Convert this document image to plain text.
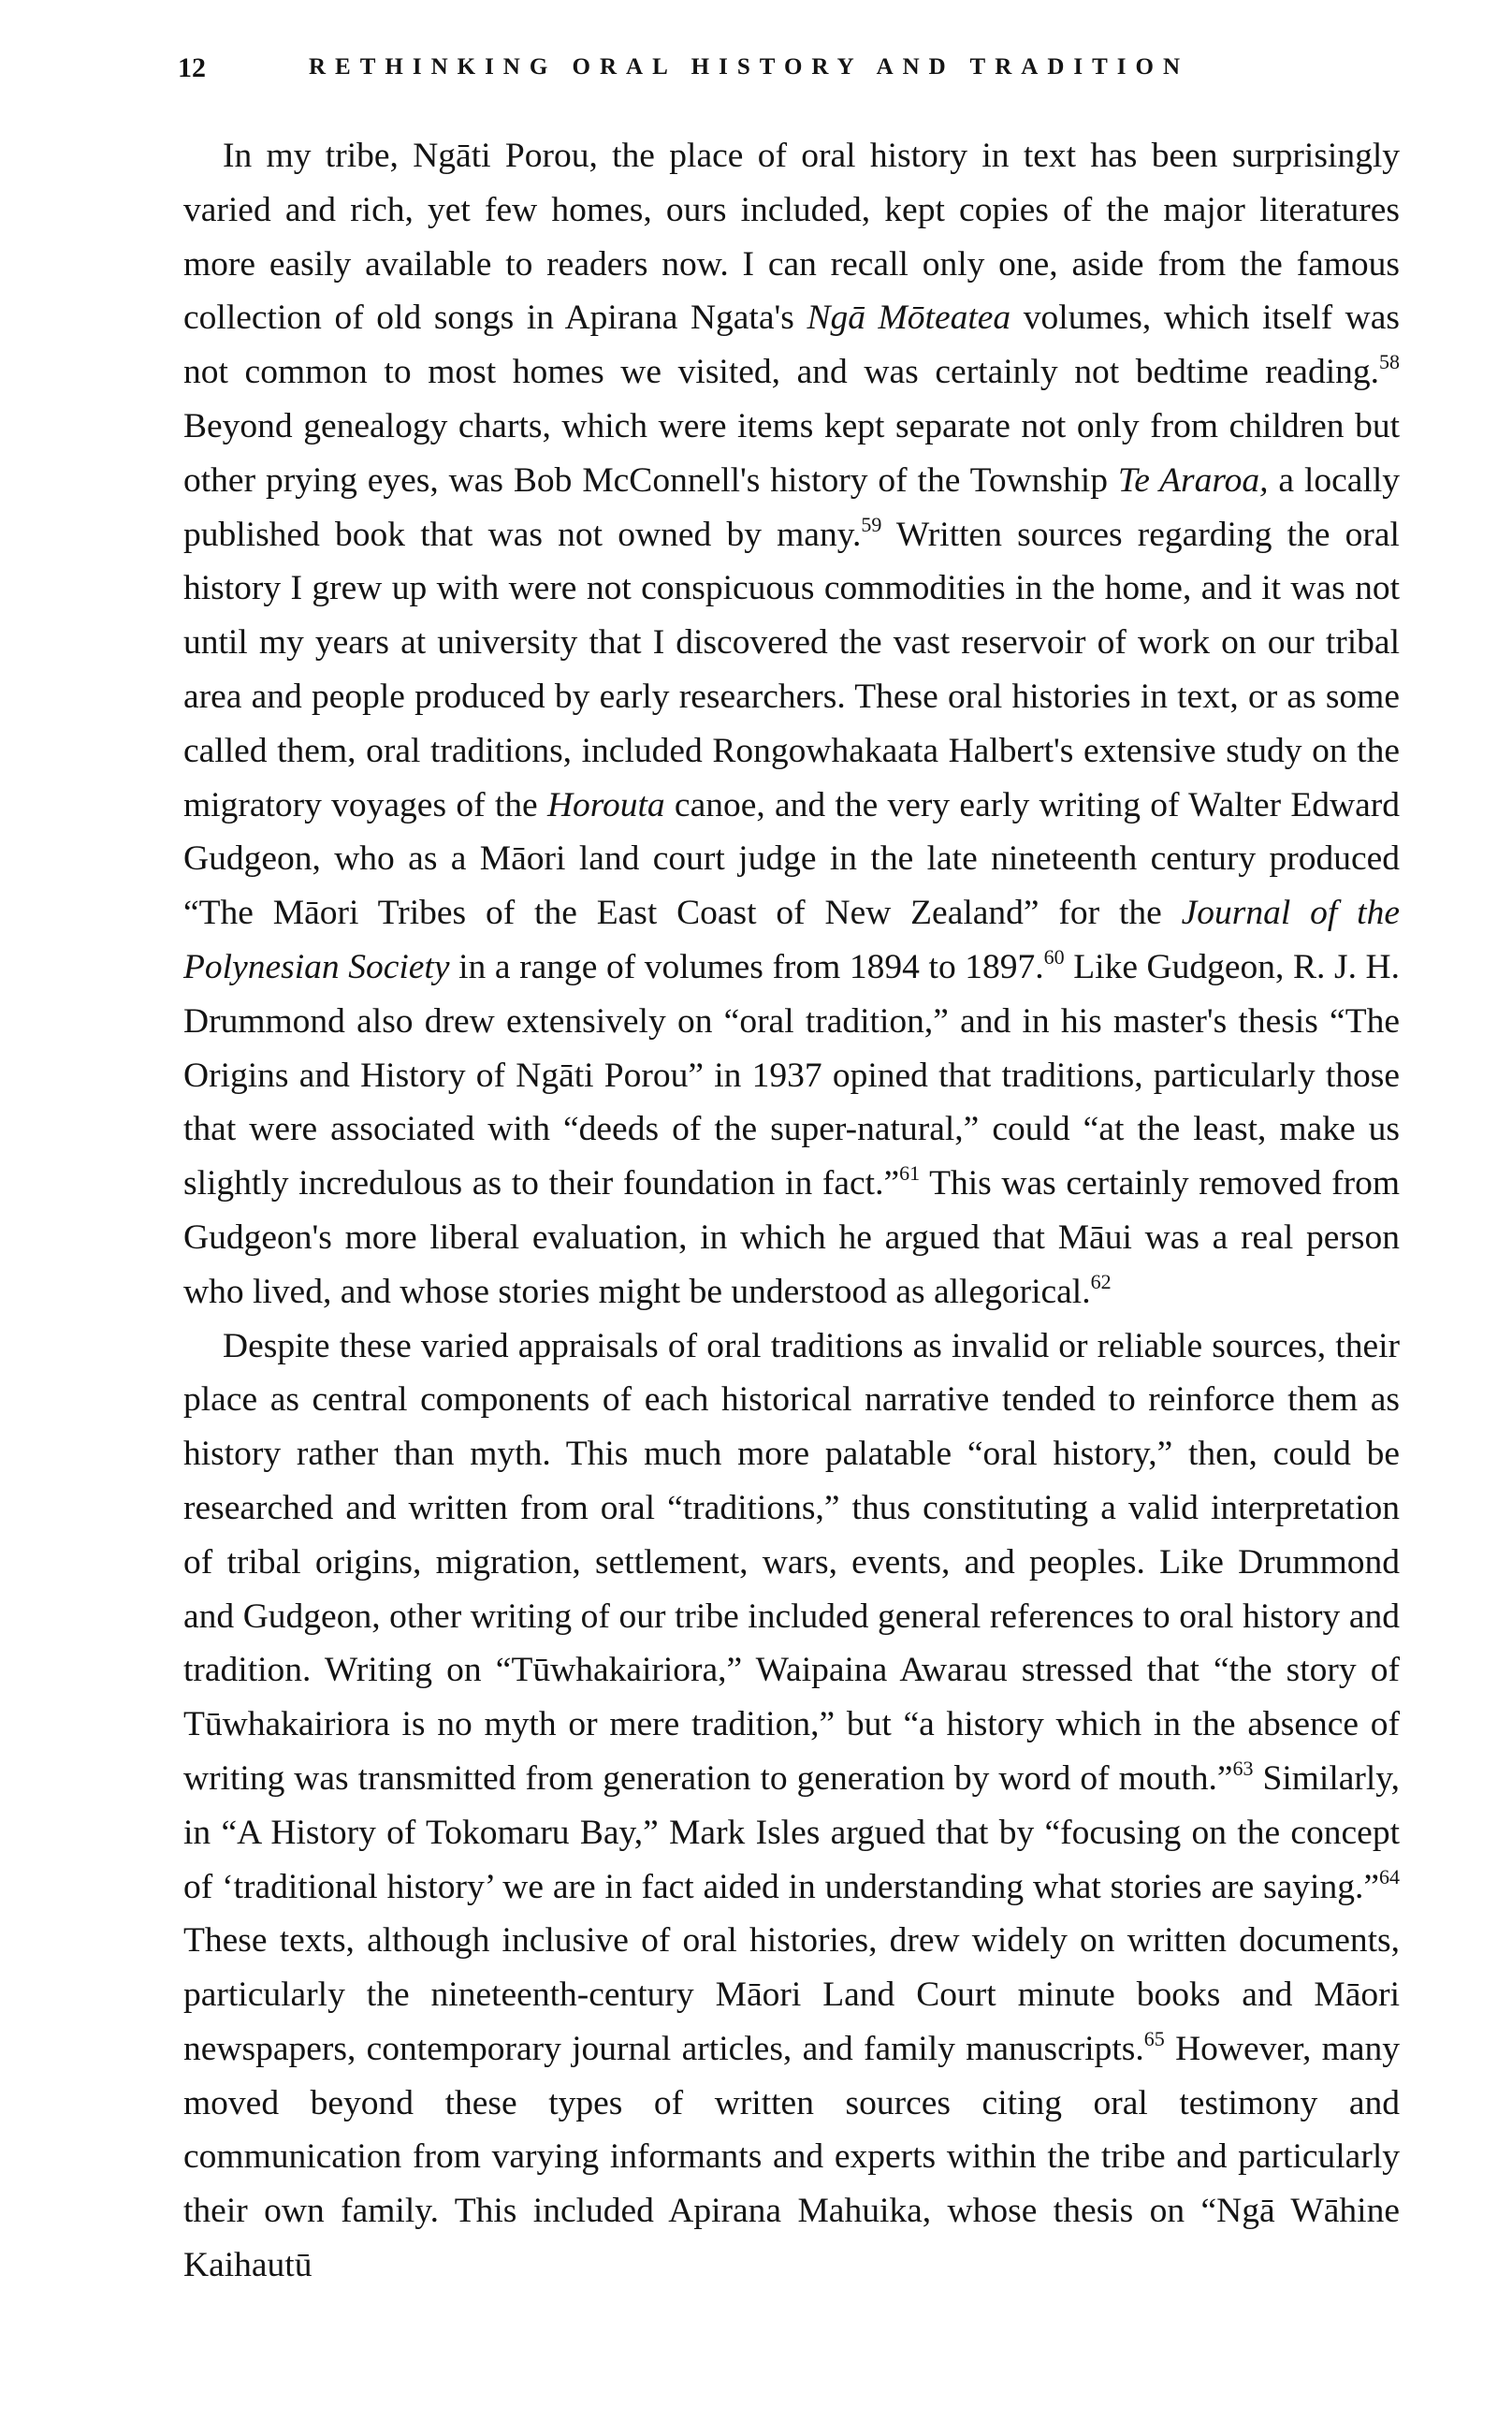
12	RETHINKING ORAL HISTORY AND TRADITION

In my tribe, Ngāti Porou, the place of oral history in text has been surprisingly varied and rich, yet few homes, ours included, kept copies of the major literatures more easily available to readers now. I can recall only one, aside from the famous collection of old songs in Apirana Ngata's Ngā Mōteatea volumes, which itself was not common to most homes we visited, and was certainly not bedtime reading.$^{58}$ Beyond genealogy charts, which were items kept separate not only from children but other prying eyes, was Bob McConnell's history of the Township Te Araroa, a locally published book that was not owned by many.$^{59}$ Written sources regarding the oral history I grew up with were not conspicuous commodities in the home, and it was not until my years at university that I discovered the vast reservoir of work on our tribal area and people produced by early researchers. These oral histories in text, or as some called them, oral traditions, included Rongowhakaata Halbert's extensive study on the migratory voyages of the Horouta canoe, and the very early writing of Walter Edward Gudgeon, who as a Māori land court judge in the late nineteenth century produced “The Māori Tribes of the East Coast of New Zealand” for the Journal of the Polynesian Society in a range of volumes from 1894 to 1897.60 Like Gudgeon, R. J. H. Drummond also drew extensively on “oral tradition,” and in his master's thesis “The Origins and History of Ngāti Porou” in 1937 opined that traditions, particularly those that were associated with “deeds of the super-natural,” could “at the least, make us slightly incredulous as to their foundation in fact.”$^{61}$ This was certainly removed from Gudgeon's more liberal evaluation, in which he argued that Māui was a real person who lived, and whose stories might be understood as allegorical.$^{62}$

Despite these varied appraisals of oral traditions as invalid or reliable sources, their place as central components of each historical narrative tended to reinforce them as history rather than myth. This much more palatable “oral history,” then, could be researched and written from oral “traditions,” thus constituting a valid interpretation of tribal origins, migration, settlement, wars, events, and peoples. Like Drummond and Gudgeon, other writing of our tribe included general references to oral history and tradition. Writing on “Tūwhakairiora,” Waipaina Awarau stressed that “the story of Tūwhakairiora is no myth or mere tradition,” but “a history which in the absence of writing was transmitted from generation to generation by word of mouth.”$^{63}$ Similarly, in “A History of Tokomaru Bay,” Mark Isles argued that by “focusing on the concept of ‘traditional history’ we are in fact aided in understanding what stories are saying.”$^{64}$ These texts, although inclusive of oral histories, drew widely on written documents, particularly the nineteenth-century Māori Land Court minute books and Māori newspapers, contemporary journal articles, and family manuscripts.$^{65}$ However, many moved beyond these types of written sources citing oral testimony and communication from varying informants and experts within the tribe and particularly their own family. This included Apirana Mahuika, whose thesis on “Ngā Wāhine Kaihautū
